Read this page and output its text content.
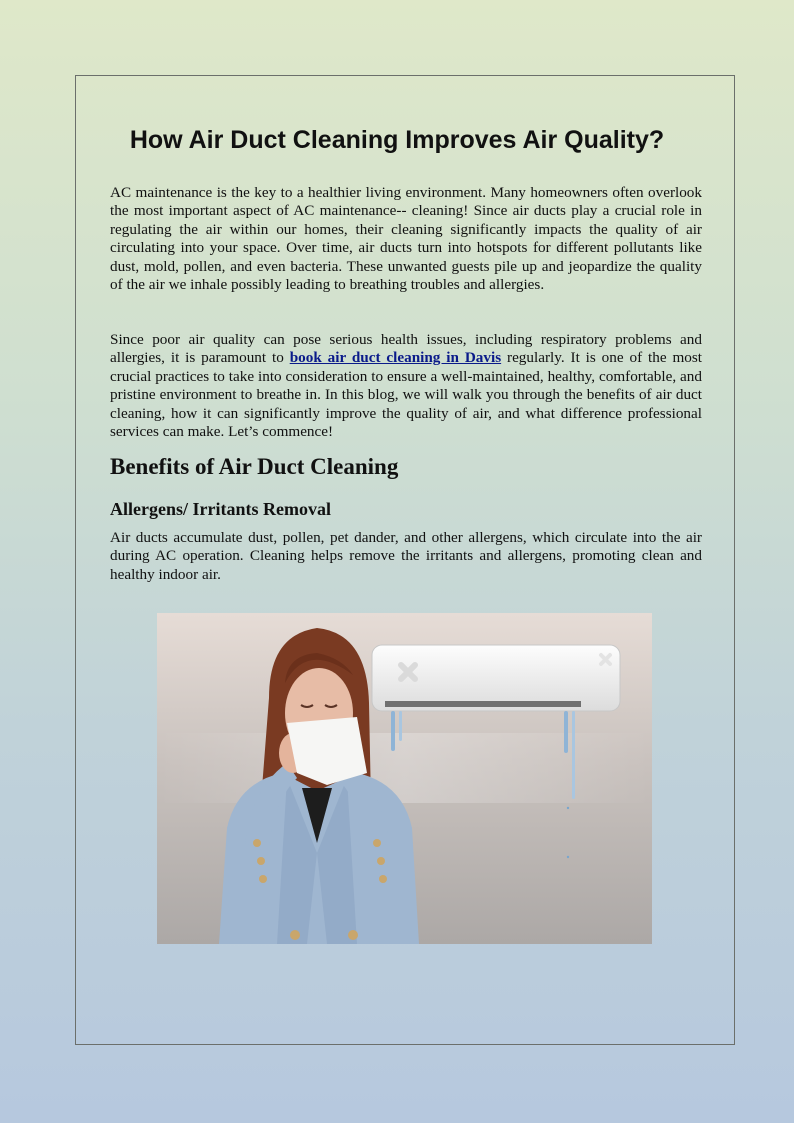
How Air Duct Cleaning Improves Air Quality?

AC maintenance is the key to a healthier living environment. Many homeowners often overlook the most important aspect of AC maintenance-- cleaning! Since air ducts play a crucial role in regulating the air within our homes, their cleaning significantly impacts the quality of air circulating into your space. Over time, air ducts turn into hotspots for different pollutants like dust, mold, pollen, and even bacteria. These unwanted guests pile up and jeopardize the quality of the air we inhale possibly leading to breathing troubles and allergies.

Since poor air quality can pose serious health issues, including respiratory problems and allergies, it is paramount to book air duct cleaning in Davis regularly. It is one of the most crucial practices to take into consideration to ensure a well-maintained, healthy, comfortable, and pristine environment to breathe in. In this blog, we will walk you through the benefits of air duct cleaning, how it can significantly improve the quality of air, and what difference professional services can make. Let’s commence!

Benefits of Air Duct Cleaning
Allergens/ Irritants Removal

Air ducts accumulate dust, pollen, pet dander, and other allergens, which circulate into the air during AC operation. Cleaning helps remove the irritants and allergens, promoting clean and healthy indoor air.
